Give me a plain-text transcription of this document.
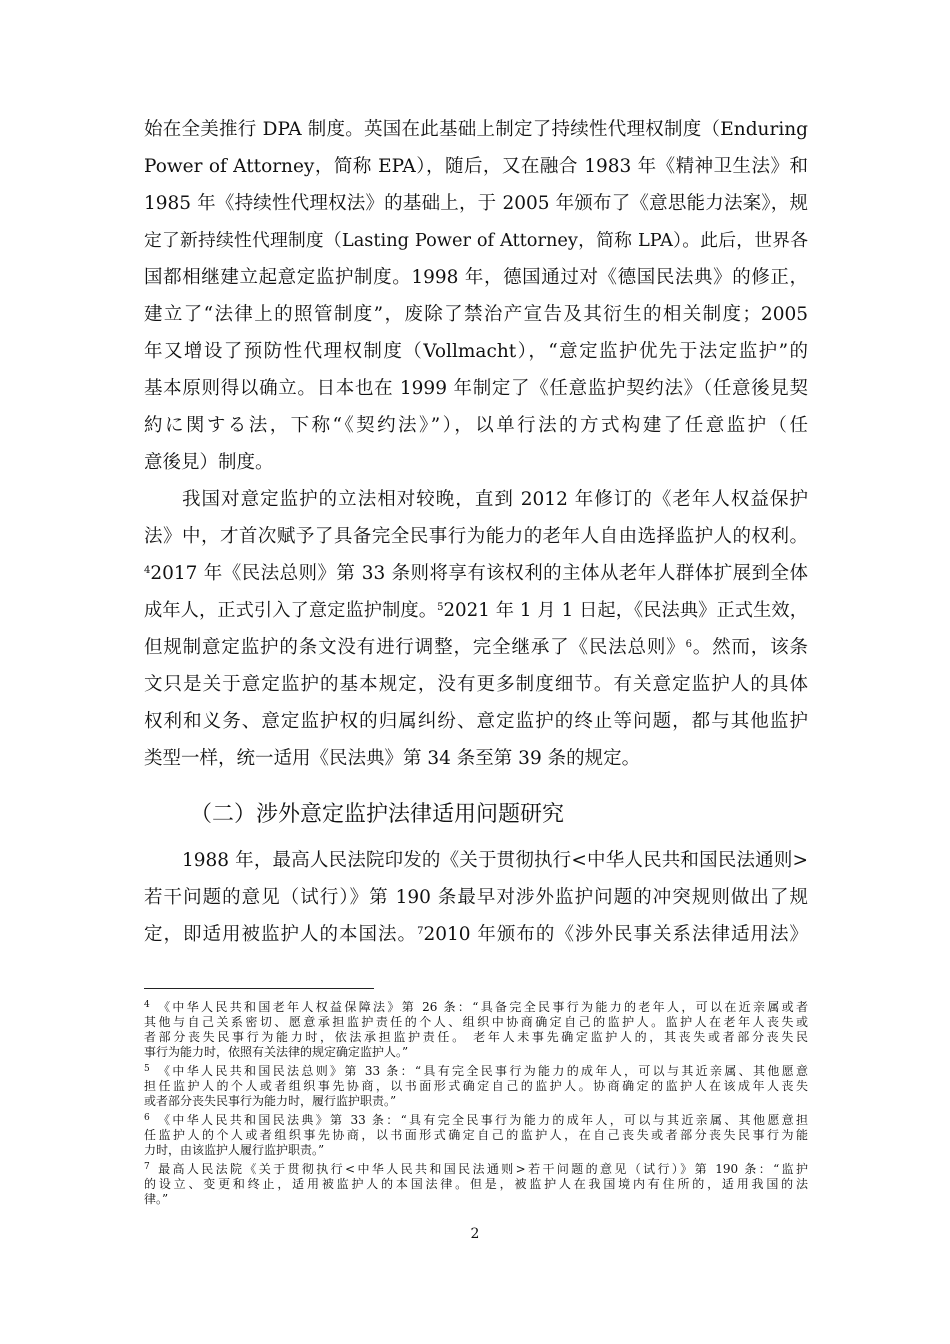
始在全美推行 DPA 制度。英国在此基础上制定了持续性代理权制度（Enduring
Power of Attorney，简称 EPA），随后，又在融合 1983 年《精神卫生法》和
1985 年《持续性代理权法》的基础上，于 2005 年颁布了《意思能力法案》，规
定了新持续性代理制度（Lasting Power of Attorney，简称 LPA）。此后，世界各
国都相继建立起意定监护制度。1998 年，德国通过对《德国民法典》的修正，
建立了“法律上的照管制度”，废除了禁治产宣告及其衍生的相关制度；2005
年又增设了预防性代理权制度（Vollmacht），“意定监护优先于法定监护”的
基本原则得以确立。日本也在 1999 年制定了《任意监护契约法》（任意後見契
約に関する法，下称“《契约法》”），以单行法的方式构建了任意监护（任
意後見）制度。
我国对意定监护的立法相对较晚，直到 2012 年修订的《老年人权益保护
法》中，才首次赋予了具备完全民事行为能力的老年人自由选择监护人的权利。
$^4$2017 年《民法总则》第 33 条则将享有该权利的主体从老年人群体扩展到全体
成年人，正式引入了意定监护制度。$^5$2021 年 1 月 1 日起，《民法典》正式生效，
但规制意定监护的条文没有进行调整，完全继承了《民法总则》$^6$。然而，该条
文只是关于意定监护的基本规定，没有更多制度细节。有关意定监护人的具体
权利和义务、意定监护权的归属纠纷、意定监护的终止等问题，都与其他监护
类型一样，统一适用《民法典》第 34 条至第 39 条的规定。
（二）涉外意定监护法律适用问题研究
1988 年，最高人民法院印发的《关于贯彻执行<中华人民共和国民法通则>
若干问题的意见（试行）》第 190 条最早对涉外监护问题的冲突规则做出了规
定，即适用被监护人的本国法。$^7$2010 年颁布的《涉外民事关系法律适用法》
$^4$ 《中华人民共和国老年人权益保障法》第 26 条：“具备完全民事行为能力的老年人，可以在近亲属或者
其他与自己关系密切、愿意承担监护责任的个人、组织中协商确定自己的监护人。监护人在老年人丧失或
者部分丧失民事行为能力时，依法承担监护责任。 老年人未事先确定监护人的，其丧失或者部分丧失民
事行为能力时，依照有关法律的规定确定监护人。”
$^5$ 《中华人民共和国民法总则》第 33 条：“具有完全民事行为能力的成年人，可以与其近亲属、其他愿意
担任监护人的个人或者组织事先协商，以书面形式确定自己的监护人。协商确定的监护人在该成年人丧失
或者部分丧失民事行为能力时，履行监护职责。”
$^6$ 《中华人民共和国民法典》第 33 条：“具有完全民事行为能力的成年人，可以与其近亲属、其他愿意担
任监护人的个人或者组织事先协商，以书面形式确定自己的监护人，在自己丧失或者部分丧失民事行为能
力时，由该监护人履行监护职责。”
$^7$ 最高人民法院《关于贯彻执行<中华人民共和国民法通则>若干问题的意见（试行）》第 190 条：“监护
的设立、变更和终止，适用被监护人的本国法律。但是，被监护人在我国境内有住所的，适用我国的法
律。”
2
